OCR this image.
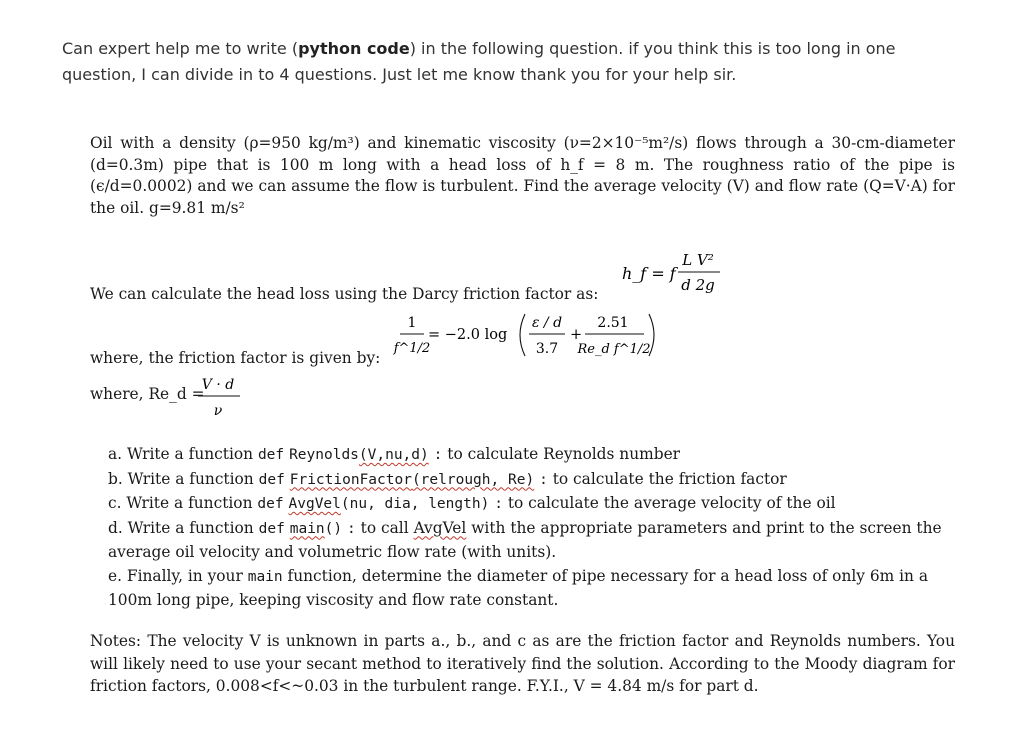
Can expert help me to write (python code) in the following question. if you think this is too long in one question, I can divide in to 4 questions. Just let me know thank you for your help sir.
Oil with a density (ρ=950 kg/m³) and kinematic viscosity (ν=2×10⁻⁵m²/s) flows through a 30-cm-diameter (d=0.3m) pipe that is 100 m long with a head loss of h_f = 8 m. The roughness ratio of the pipe is (ϵ/d=0.0002) and we can assume the flow is turbulent. Find the average velocity (V) and flow rate (Q=V·A) for the oil. g=9.81 m/s²
We can calculate the head loss using the Darcy friction factor as:
h_f = f
L V²
d 2g
1
f^1/2
= −2.0 log
ε / d
3.7
+
2.51
Re_d f^1/2
where, the friction factor is given by:
where, Re_d =
V · d
ν

a. Write a function def Reynolds(V,nu,d) : to calculate Reynolds number

b. Write a function def FrictionFactor(relrough, Re) : to calculate the friction factor

c. Write a function def AvgVel(nu, dia, length) : to calculate the average velocity of the oil

d. Write a function def main() : to call AvgVel with the appropriate parameters and print to the screen the average oil velocity and volumetric flow rate (with units).

e. Finally, in your main function, determine the diameter of pipe necessary for a head loss of only 6m in a 100m long pipe, keeping viscosity and flow rate constant.

Notes: The velocity V is unknown in parts a., b., and c as are the friction factor and Reynolds numbers. You will likely need to use your secant method to iteratively find the solution. According to the Moody diagram for friction factors, 0.008<f<~0.03 in the turbulent range. F.Y.I., V = 4.84 m/s for part d.
